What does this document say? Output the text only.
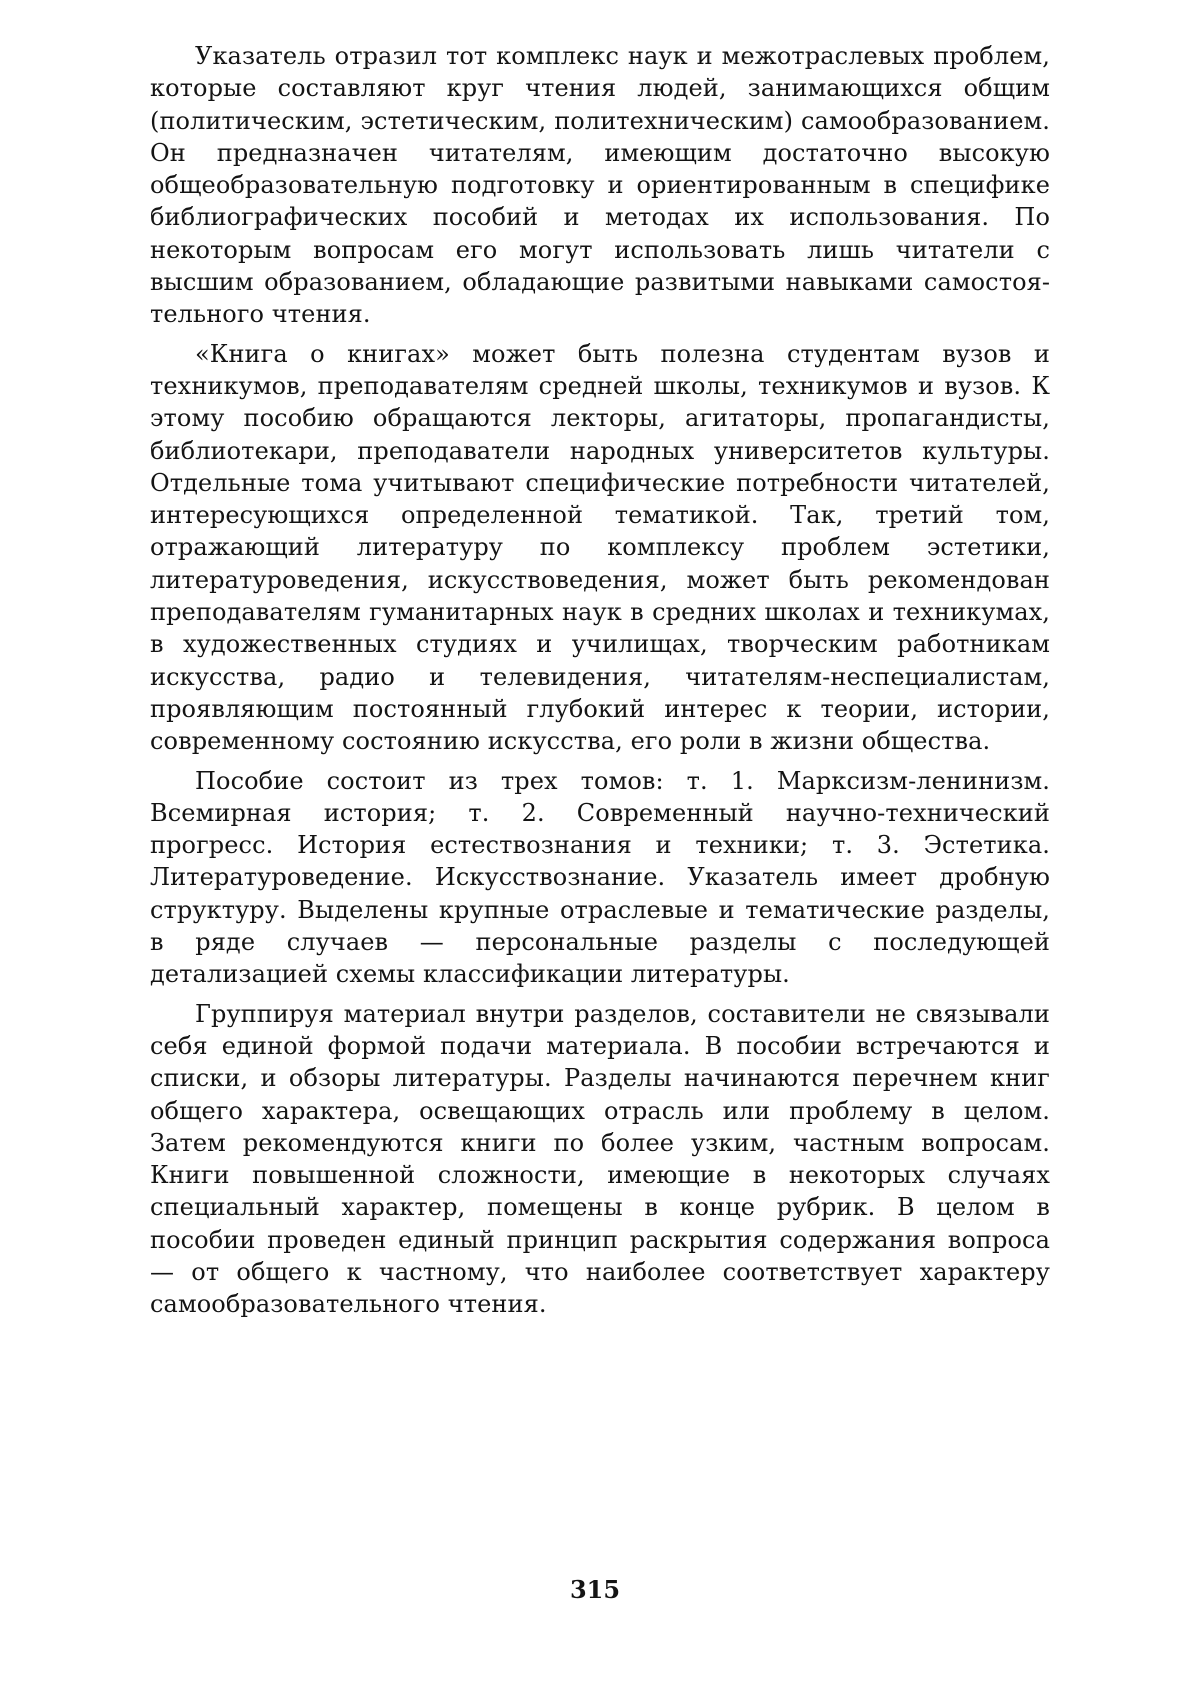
Указатель отразил тот комплекс наук и межотраслевых проблем, которые составляют круг чтения людей, занимающихся общим (политическим, эстетическим, политехническим) самообразованием. Он предназначен читателям, имеющим достаточно высокую общеобразовательную подготовку и ориентированным в специфике библиографических пособий и методах их использования. По некоторым вопросам его могут использовать лишь читатели с высшим образованием, обладающие развитыми навыками самостоятельного чтения.

«Книга о книгах» может быть полезна студентам вузов и техникумов, преподавателям средней школы, техникумов и вузов. К этому пособию обращаются лекторы, агитаторы, пропагандисты, библиотекари, преподаватели народных университетов культуры. Отдельные тома учитывают специфические потребности читателей, интересующихся определенной тематикой. Так, третий том, отражающий литературу по комплексу проблем эстетики, литературоведения, искусствоведения, может быть рекомендован преподавателям гуманитарных наук в средних школах и техникумах, в художественных студиях и училищах, творческим работникам искусства, радио и телевидения, читателям-неспециалистам, проявляющим постоянный глубокий интерес к теории, истории, современному состоянию искусства, его роли в жизни общества.

Пособие состоит из трех томов: т. 1. Марксизм-ленинизм. Всемирная история; т. 2. Современный научно-технический прогресс. История естествознания и техники; т. 3. Эстетика. Литературоведение. Искусствознание. Указатель имеет дробную структуру. Выделены крупные отраслевые и тематические разделы, в ряде случаев — персональные разделы с последующей детализацией схемы классификации литературы.

Группируя материал внутри разделов, составители не связывали себя единой формой подачи материала. В пособии встречаются и списки, и обзоры литературы. Разделы начинаются перечнем книг общего характера, освещающих отрасль или проблему в целом. Затем рекомендуются книги по более узким, частным вопросам. Книги повышенной сложности, имеющие в некоторых случаях специальный характер, помещены в конце рубрик. В целом в пособии проведен единый принцип раскрытия содержания вопроса — от общего к частному, что наиболее соответствует характеру самообразовательного чтения.

315
